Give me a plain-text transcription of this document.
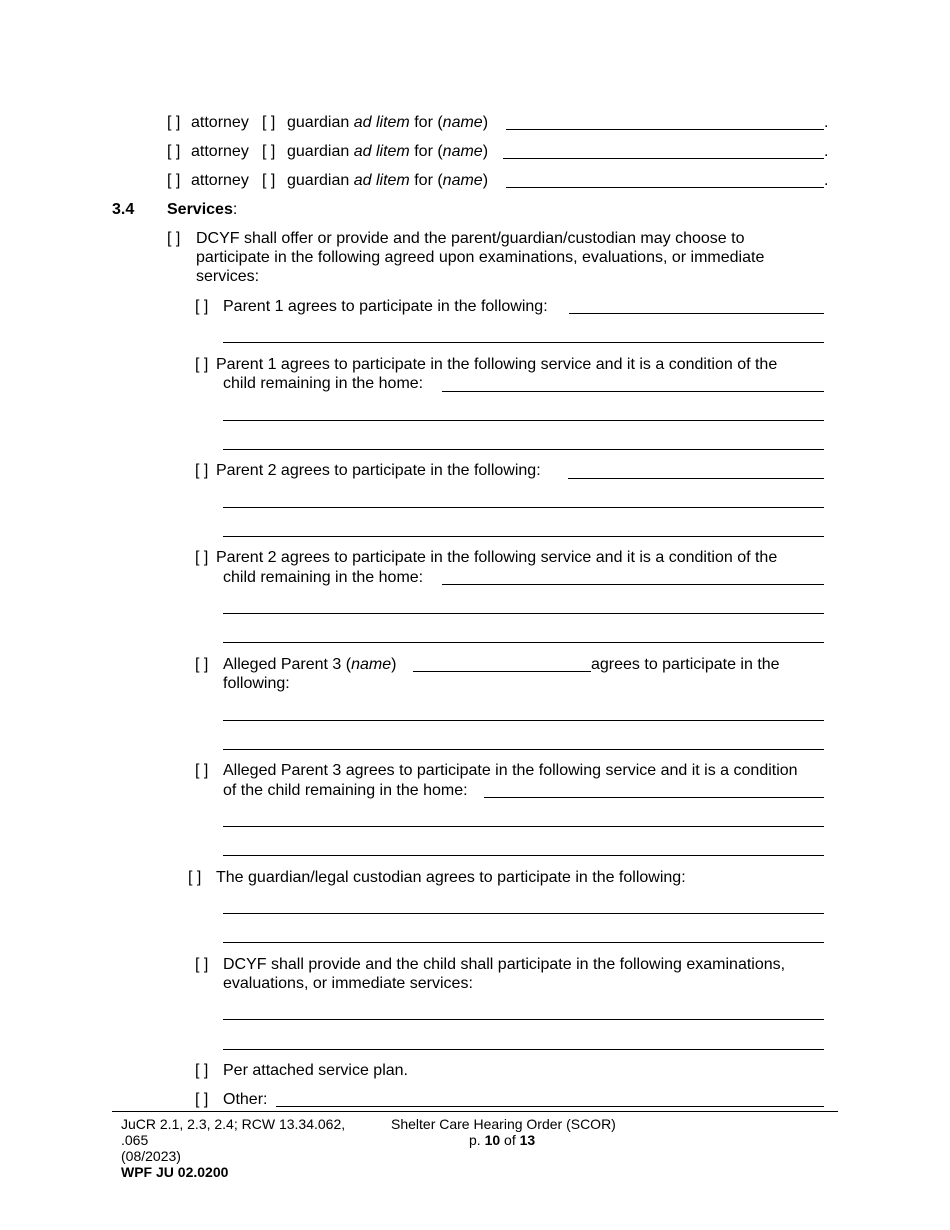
[ ] attorney [ ] guardian ad litem for (name)	.
[ ] attorney [ ] guardian ad litem for (name)	.
[ ] attorney [ ] guardian ad litem for (name)	.
3.4 Services:
[ ] DCYF shall offer or provide and the parent/guardian/custodian may choose to
participate in the following agreed upon examinations, evaluations, or immediate
services:
[ ] Parent 1 agrees to participate in the following:
[ ] Parent 1 agrees to participate in the following service and it is a condition of the
child remaining in the home:
[ ] Parent 2 agrees to participate in the following:
[ ] Parent 2 agrees to participate in the following service and it is a condition of the
child remaining in the home:
[ ] Alleged Parent 3 (name)	agrees to participate in the
following:
[ ] Alleged Parent 3 agrees to participate in the following service and it is a condition
of the child remaining in the home:
[ ] The guardian/legal custodian agrees to participate in the following:
[ ] DCYF shall provide and the child shall participate in the following examinations,
evaluations, or immediate services:
[ ] Per attached service plan.
[ ] Other:
JuCR 2.1, 2.3, 2.4; RCW 13.34.062,
.065
(08/2023)
WPF JU 02.0200
Shelter Care Hearing Order (SCOR)
p. 10 of 13
